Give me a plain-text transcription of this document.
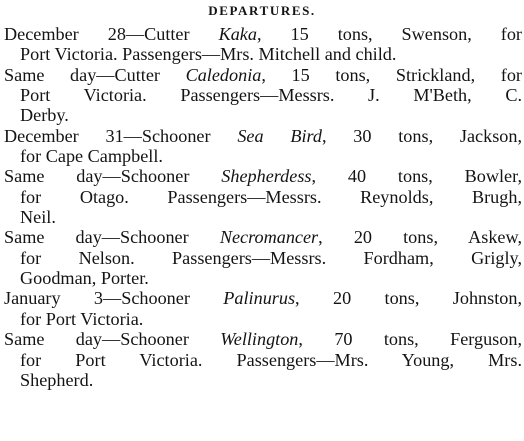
DEPARTURES.
December 28—Cutter Kaka, 15 tons, Swenson, for
Port Victoria. Passengers—Mrs. Mitchell and child.
Same day—Cutter Caledonia, 15 tons, Strickland, for
Port Victoria. Passengers—Messrs. J. M'Beth, C.
Derby.
December 31—Schooner Sea Bird, 30 tons, Jackson,
for Cape Campbell.
Same day—Schooner Shepherdess, 40 tons, Bowler,
for Otago. Passengers—Messrs. Reynolds, Brugh,
Neil.
Same day—Schooner Necromancer, 20 tons, Askew,
for Nelson. Passengers—Messrs. Fordham, Grigly,
Goodman, Porter.
January 3—Schooner Palinurus, 20 tons, Johnston,
for Port Victoria.
Same day—Schooner Wellington, 70 tons, Ferguson,
for Port Victoria. Passengers—Mrs. Young, Mrs.
Shepherd.
